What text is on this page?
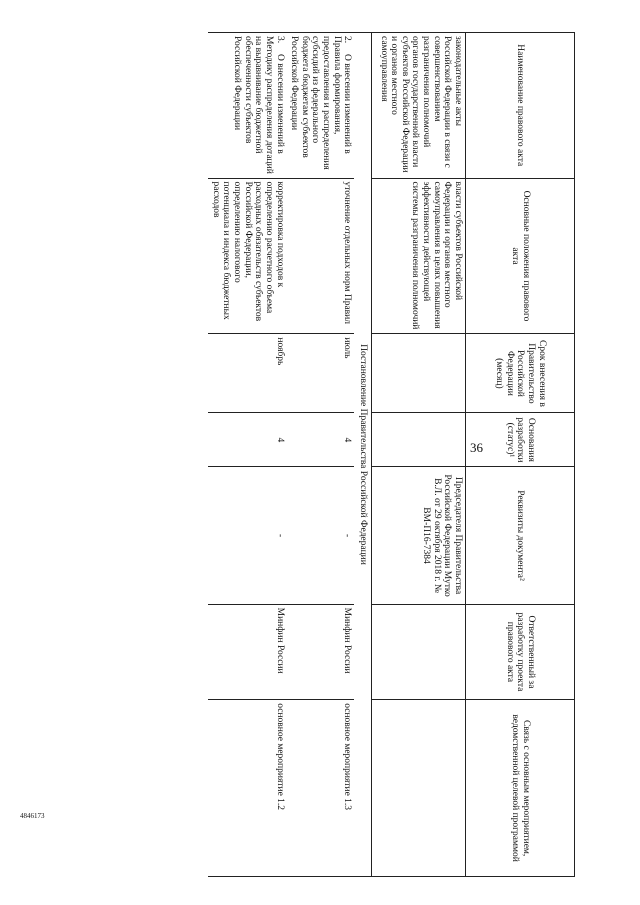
36
Наименование правового акта	Основные положения правового акта	Срок внесения в Правительство Российской Федерации (месяц)	Основания разработки (статус)¹	Реквизиты документа²	Ответственный за разработку проекта правового акта	Связь с основным мероприятием, ведомственной целевой программой
законодательные акты Российской Федерации в связи с совершенствованием разграничения полномочий органов государственной власти субъектов Российской Федерации и органов местного самоуправления	власти субъектов Российской Федерации и органов местного самоуправления в целях повышения эффективности действующей системы разграничения полномочий			Председателя Правительства Российской Федерации Мутко В.Л. от 29 октября 2018 г. № ВМ-П16-7384		
Постановление Правительства Российской Федерации						
2.О внесении изменений в Правила формирования, предоставления и распределения субсидий из федерального бюджета бюджетам субъектов Российской Федерации	уточнение отдельных норм Правил	июль	4	-	Минфин России	основное мероприятие 1.3
3.О внесении изменений в Методику распределения дотаций на выравнивание бюджетной обеспеченности субъектов Российской Федерации	корректировка подходов к определению расчетного объема расходных обязательств субъектов Российской Федерации, определению налогового потенциала и индекса бюджетных расходов	ноябрь	4	-	Минфин России	основное мероприятие 1.2
4846173
